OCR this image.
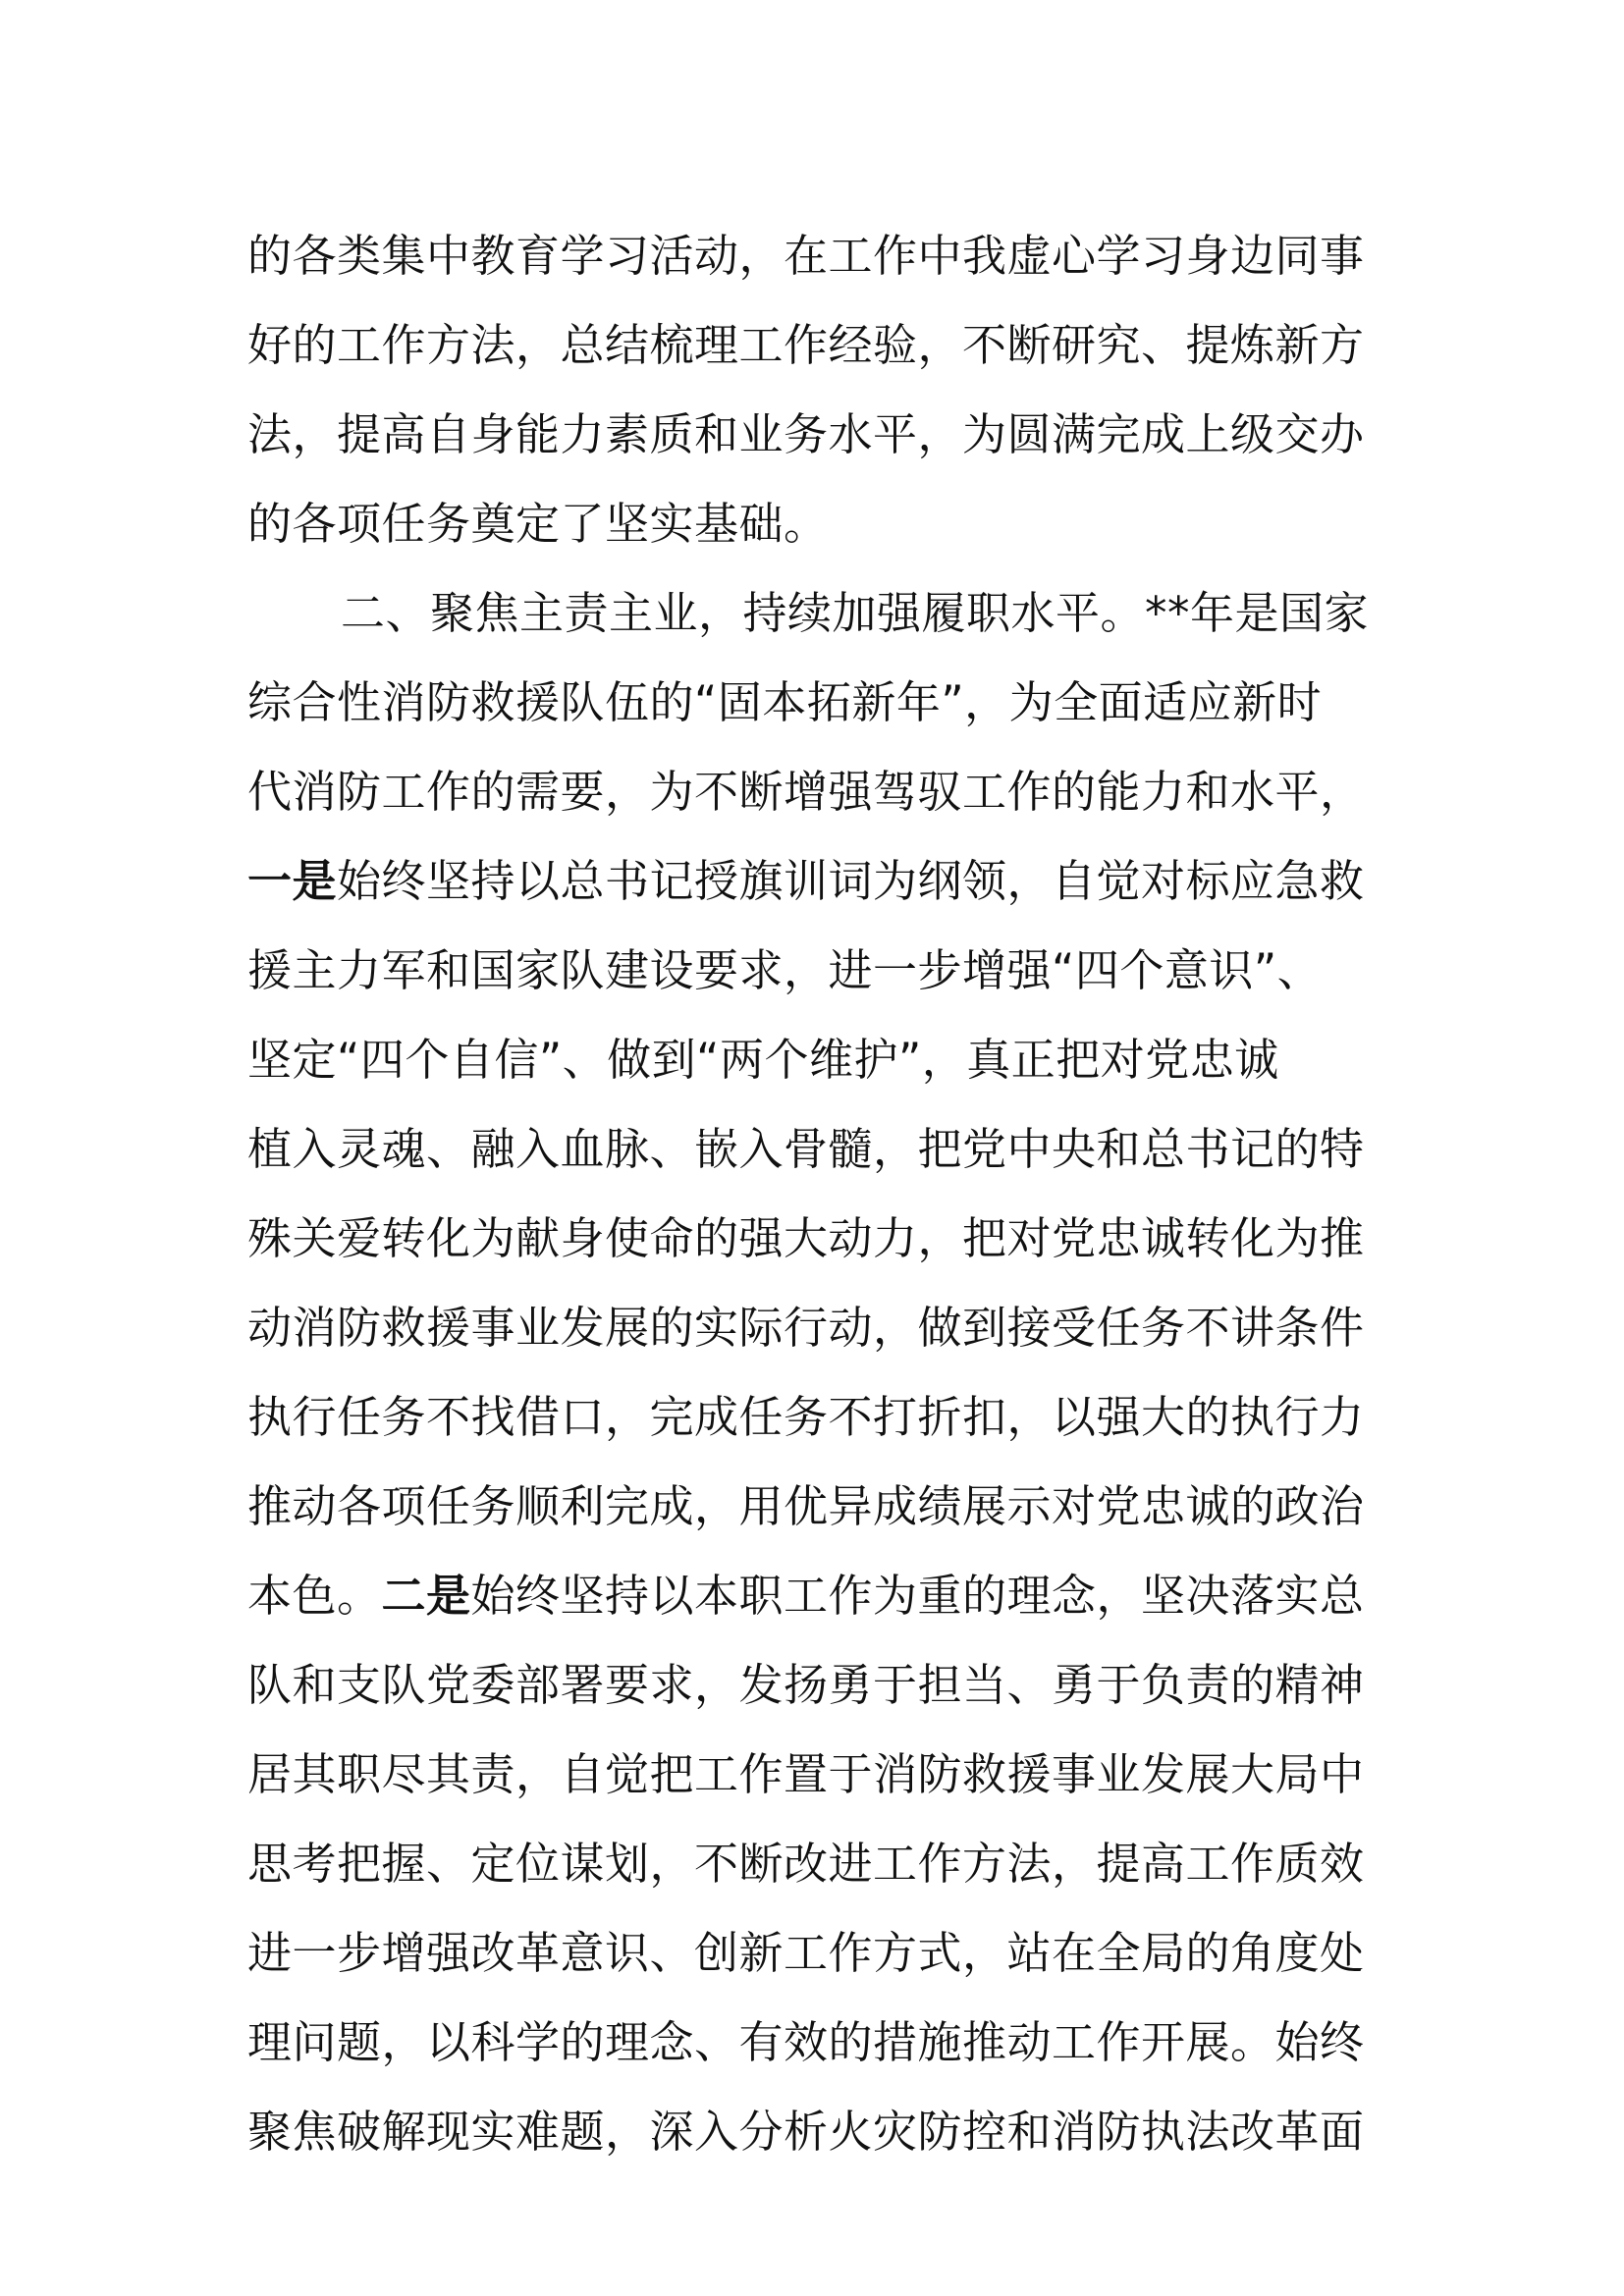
的各类集中教育学习活动，在工作中我虚心学习身边同事
好的工作方法，总结梳理工作经验，不断研究、提炼新方
法，提高自身能力素质和业务水平，为圆满完成上级交办
的各项任务奠定了坚实基础。
二、聚焦主责主业，持续加强履职水平。**年是国家
综合性消防救援队伍的“固本拓新年”，为全面适应新时
代消防工作的需要，为不断增强驾驭工作的能力和水平，
一是始终坚持以总书记授旗训词为纲领，自觉对标应急救
援主力军和国家队建设要求，进一步增强“四个意识”、
坚定“四个自信”、做到“两个维护”，真正把对党忠诚
植入灵魂、融入血脉、嵌入骨髓，把党中央和总书记的特
殊关爱转化为献身使命的强大动力，把对党忠诚转化为推
动消防救援事业发展的实际行动，做到接受任务不讲条件
执行任务不找借口，完成任务不打折扣，以强大的执行力
推动各项任务顺利完成，用优异成绩展示对党忠诚的政治
本色。二是始终坚持以本职工作为重的理念，坚决落实总
队和支队党委部署要求，发扬勇于担当、勇于负责的精神
居其职尽其责，自觉把工作置于消防救援事业发展大局中
思考把握、定位谋划，不断改进工作方法，提高工作质效
进一步增强改革意识、创新工作方式，站在全局的角度处
理问题，以科学的理念、有效的措施推动工作开展。始终
聚焦破解现实难题，深入分析火灾防控和消防执法改革面
